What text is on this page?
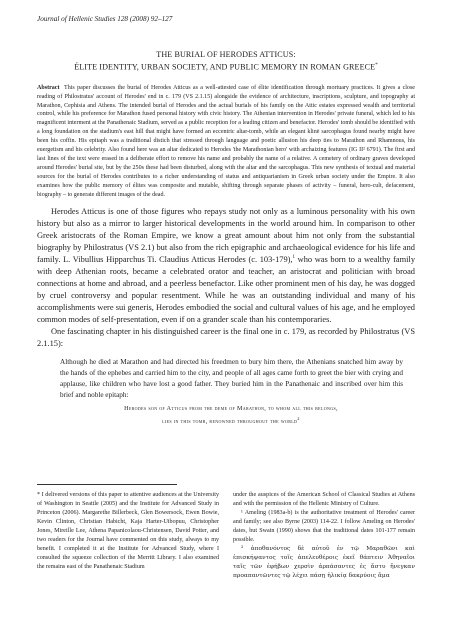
Journal of Hellenic Studies 128 (2008) 92–127

THE BURIAL OF HERODES ATTICUS:

ÉLITE IDENTITY, URBAN SOCIETY, AND PUBLIC MEMORY IN ROMAN GREECE*

Abstract This paper discusses the burial of Herodes Atticus as a well-attested case of élite identification through mortuary practices. It gives a close reading of Philostratus' account of Herodes' end in c. 179 (VS 2.1.15) alongside the evidence of architecture, inscriptions, sculpture, and topography at Marathon, Cephisia and Athens. The intended burial of Herodes and the actual burials of his family on the Attic estates expressed wealth and territorial control, while his preference for Marathon fused personal history with civic history. The Athenian intervention in Herodes' private funeral, which led to his magnificent interment at the Panathenaic Stadium, served as a public reception for a leading citizen and benefactor. Herodes' tomb should be identified with a long foundation on the stadium's east hill that might have formed an eccentric altar-tomb, while an elegant klinē sarcophagus found nearby might have been his coffin. His epitaph was a traditional distich that stressed through language and poetic allusion his deep ties to Marathon and Rhamnous, his euergetism and his celebrity. Also found here was an altar dedicated to Herodes 'the Marathonian hero' with archaizing features (IG II² 6791). The first and last lines of the text were erased in a deliberate effort to remove his name and probably the name of a relative. A cemetery of ordinary graves developed around Herodes' burial site, but by the 250s these had been disturbed, along with the altar and the sarcophagus. This new synthesis of textual and material sources for the burial of Herodes contributes to a richer understanding of status and antiquarianism in Greek urban society under the Empire. It also examines how the public memory of élites was composite and mutable, shifting through separate phases of activity – funeral, hero-cult, defacement, biography – to generate different images of the dead.

Herodes Atticus is one of those figures who repays study not only as a luminous personality with his own history but also as a mirror to larger historical developments in the world around him. In comparison to other Greek aristocrats of the Roman Empire, we know a great amount about him not only from the substantial biography by Philostratus (VS 2.1) but also from the rich epigraphic and archaeological evidence for his life and family. L. Vibullius Hipparchus Ti. Claudius Atticus Herodes (c. 103-179),$^1$ who was born to a wealthy family with deep Athenian roots, became a celebrated orator and teacher, an aristocrat and politician with broad connections at home and abroad, and a peerless benefactor. Like other prominent men of his day, he was dogged by cruel controversy and popular resentment. While he was an outstanding individual and many of his accomplishments were sui generis, Herodes embodied the social and cultural values of his age, and he employed common modes of self-presentation, even if on a grander scale than his contemporaries.

One fascinating chapter in his distinguished career is the final one in c. 179, as recorded by Philostratus (VS 2.1.15):

Although he died at Marathon and had directed his freedmen to bury him there, the Athenians snatched him away by the hands of the ephebes and carried him to the city, and people of all ages came forth to greet the bier with crying and applause, like children who have lost a good father. They buried him in the Panathenaic and inscribed over him this brief and noble epitaph:

Herodes son of Atticus from the deme of Marathon, to whom all this belongs,

lies in this tomb, renowned throughout the world$^2$

* I delivered versions of this paper to attentive audiences at the University of Washington in Seattle (2005) and the Institute for Advanced Study in Princeton (2006). Margarethe Billerbeck, Glen Bowersock, Ewen Bowie, Kevin Clinton, Christian Habicht, Kaja Harter-Uibopuu, Christopher Jones, Mireille Lee, Athena Papanicolaou-Christensen, David Potter, and two readers for the Journal have commented on this study, always to my benefit. I completed it at the Institute for Advanced Study, where I consulted the squeeze collection of the Merritt Library. I also examined the remains east of the Panathenaic Stadium

under the auspices of the American School of Classical Studies at Athens and with the permission of the Hellenic Ministry of Culture.

¹ Ameling (1983a-b) is the authoritative treatment of Herodes' career and family; see also Byrne (2003) 114-22. I follow Ameling on Herodes' dates, but Swain (1990) shows that the traditional dates 101-177 remain possible.

² ἀποθανόντος δὲ αὐτοῦ ἐν τῷ Μαραθῶνι καὶ ἐπισκήψαντος τοῖς ἀπελευθέροις ἐκεῖ θάπτειν Ἀθηναῖοι ταῖς τῶν ἐφήβων χερσὶν ἁρπάσαντες ἐς ἄστυ ἤνεγκαν προαπαντῶντες τῷ λέχει πάσῃ ἡλικίᾳ δακρύοις ἅμα
